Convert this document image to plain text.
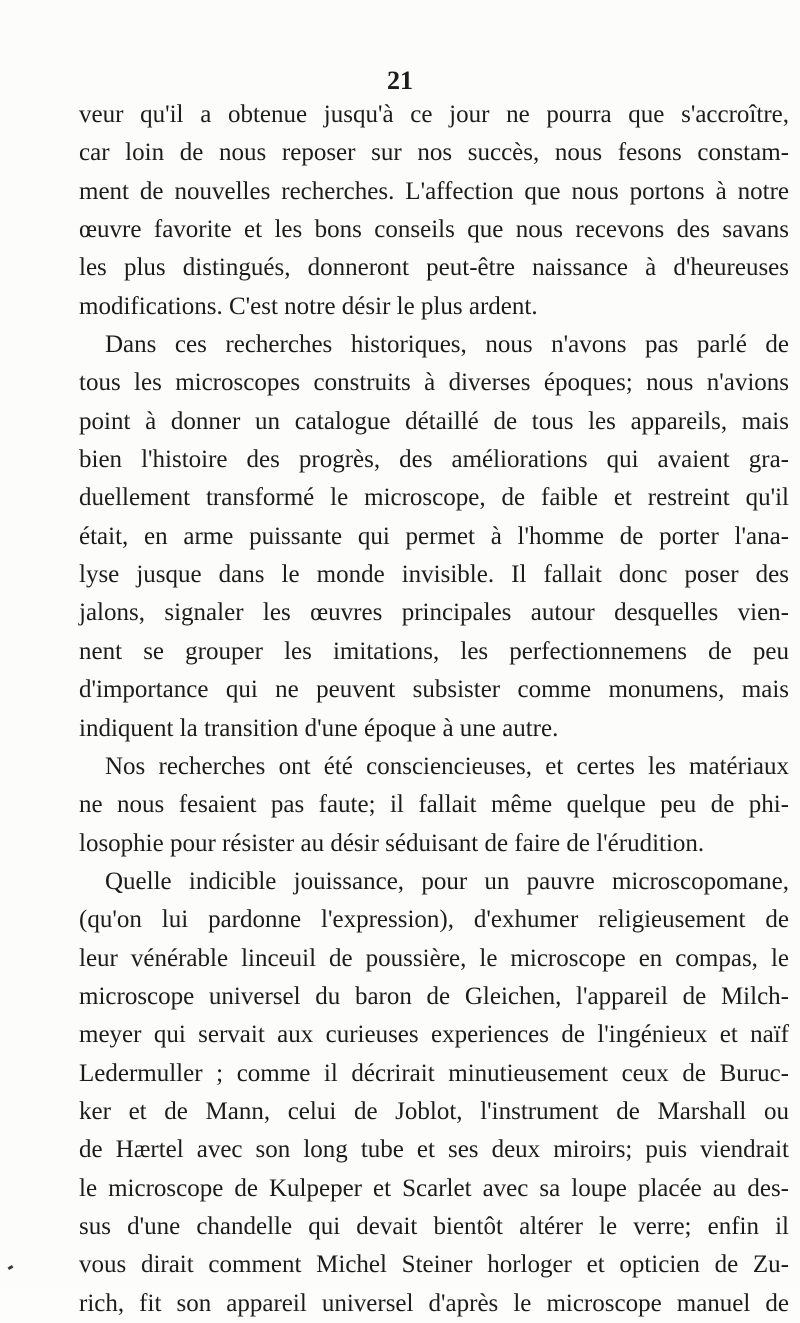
21
veur qu'il a obtenue jusqu'à ce jour ne pourra que s'accroître,
car loin de nous reposer sur nos succès, nous fesons constam-
ment de nouvelles recherches. L'affection que nous portons à notre
œuvre favorite et les bons conseils que nous recevons des savans
les plus distingués, donneront peut-être naissance à d'heureuses
modifications. C'est notre désir le plus ardent.
Dans ces recherches historiques, nous n'avons pas parlé de
tous les microscopes construits à diverses époques; nous n'avions
point à donner un catalogue détaillé de tous les appareils, mais
bien l'histoire des progrès, des améliorations qui avaient gra-
duellement transformé le microscope, de faible et restreint qu'il
était, en arme puissante qui permet à l'homme de porter l'ana-
lyse jusque dans le monde invisible. Il fallait donc poser des
jalons, signaler les œuvres principales autour desquelles vien-
nent se grouper les imitations, les perfectionnemens de peu
d'importance qui ne peuvent subsister comme monumens, mais
indiquent la transition d'une époque à une autre.
Nos recherches ont été consciencieuses, et certes les matériaux
ne nous fesaient pas faute; il fallait même quelque peu de phi-
losophie pour résister au désir séduisant de faire de l'érudition.
Quelle indicible jouissance, pour un pauvre microscopomane,
(qu'on lui pardonne l'expression), d'exhumer religieusement de
leur vénérable linceuil de poussière, le microscope en compas, le
microscope universel du baron de Gleichen, l'appareil de Milch-
meyer qui servait aux curieuses experiences de l'ingénieux et naïf
Ledermuller ; comme il décrirait minutieusement ceux de Buruc-
ker et de Mann, celui de Joblot, l'instrument de Marshall ou
de Hærtel avec son long tube et ses deux miroirs; puis viendrait
le microscope de Kulpeper et Scarlet avec sa loupe placée au des-
sus d'une chandelle qui devait bientôt altérer le verre; enfin il
vous dirait comment Michel Steiner horloger et opticien de Zu-
rich, fit son appareil universel d'après le microscope manuel de
